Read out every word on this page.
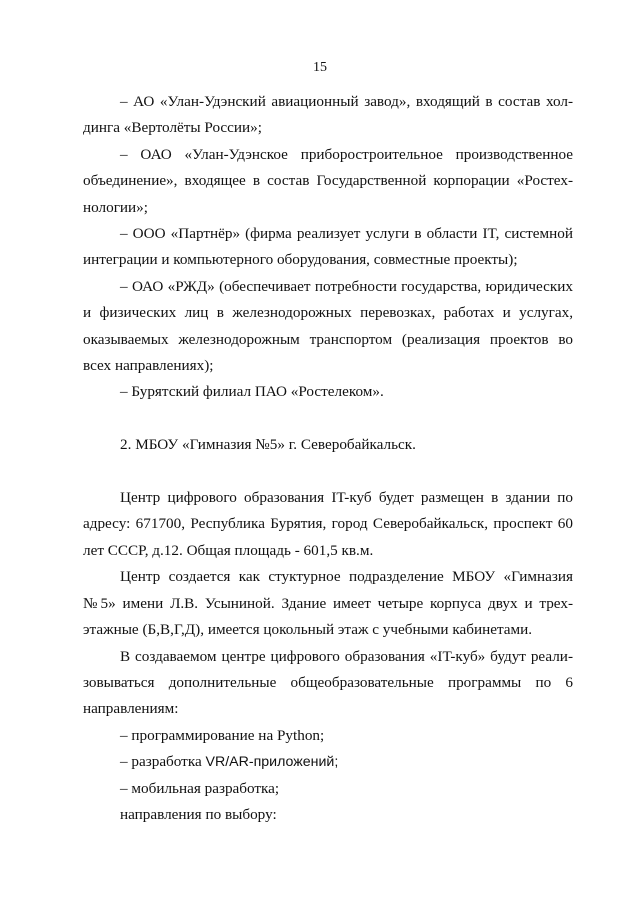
15

– АО «Улан-Удэнский авиационный завод», входящий в состав холдинга «Вертолёты России»;

– ОАО «Улан-Удэнское приборостроительное производственное объединение», входящее в состав Государственной корпорации «Ростехнологии»;

– ООО «Партнёр» (фирма реализует услуги в области IT, системной интеграции и компьютерного оборудования, совместные проекты);

– ОАО «РЖД» (обеспечивает потребности государства, юридических и физических лиц в железнодорожных перевозках, работах и услугах, оказываемых железнодорожным транспортом (реализация проектов во всех направлениях);

– Бурятский филиал ПАО «Ростелеком».

2. МБОУ «Гимназия №5» г. Северобайкальск.

Центр цифрового образования IT-куб будет размещен в здании по адресу: 671700, Республика Бурятия, город Северобайкальск, проспект 60 лет СССР, д.12. Общая площадь - 601,5 кв.м.

Центр создается как стуктурное подразделение МБОУ «Гимназия №5» имени Л.В. Усыниной. Здание имеет четыре корпуса двух и трехэтажные (Б,В,Г,Д), имеется цокольный этаж с учебными кабинетами.

В создаваемом центре цифрового образования «IT-куб» будут реализовываться дополнительные общеобразовательные программы по 6 направлениям:

– программирование на Python;

– разработка VR/AR-приложений;

– мобильная разработка;

направления по выбору:
